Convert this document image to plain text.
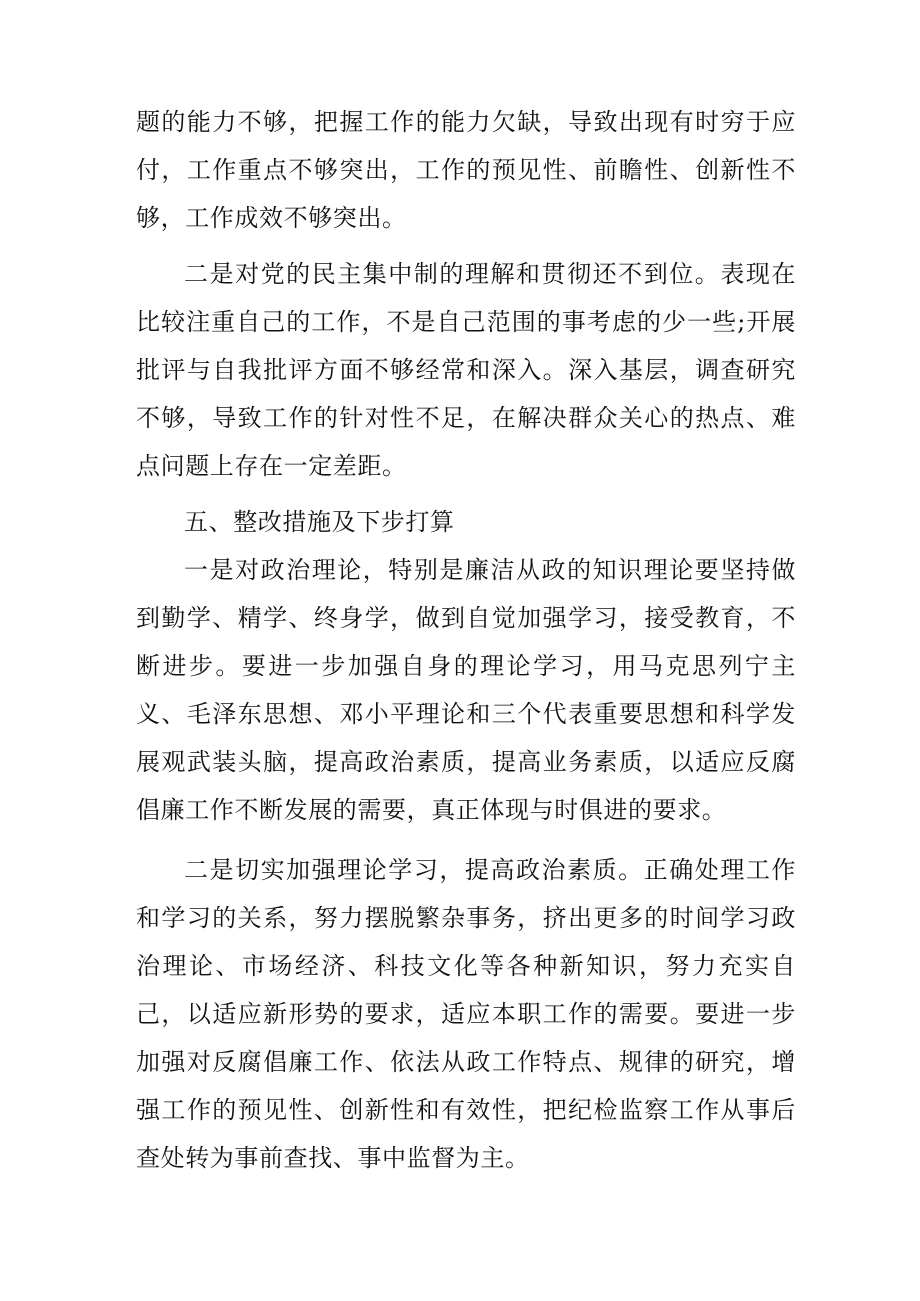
题的能力不够，把握工作的能力欠缺，导致出现有时穷于应付，工作重点不够突出，工作的预见性、前瞻性、创新性不够，工作成效不够突出。

二是对党的民主集中制的理解和贯彻还不到位。表现在比较注重自己的工作，不是自己范围的事考虑的少一些;开展批评与自我批评方面不够经常和深入。深入基层，调查研究不够，导致工作的针对性不足，在解决群众关心的热点、难点问题上存在一定差距。

五、整改措施及下步打算

一是对政治理论，特别是廉洁从政的知识理论要坚持做到勤学、精学、终身学，做到自觉加强学习，接受教育，不断进步。要进一步加强自身的理论学习，用马克思列宁主义、毛泽东思想、邓小平理论和三个代表重要思想和科学发展观武装头脑，提高政治素质，提高业务素质，以适应反腐倡廉工作不断发展的需要，真正体现与时俱进的要求。

二是切实加强理论学习，提高政治素质。正确处理工作和学习的关系，努力摆脱繁杂事务，挤出更多的时间学习政治理论、市场经济、科技文化等各种新知识，努力充实自己，以适应新形势的要求，适应本职工作的需要。要进一步加强对反腐倡廉工作、依法从政工作特点、规律的研究，增强工作的预见性、创新性和有效性，把纪检监察工作从事后查处转为事前查找、事中监督为主。
